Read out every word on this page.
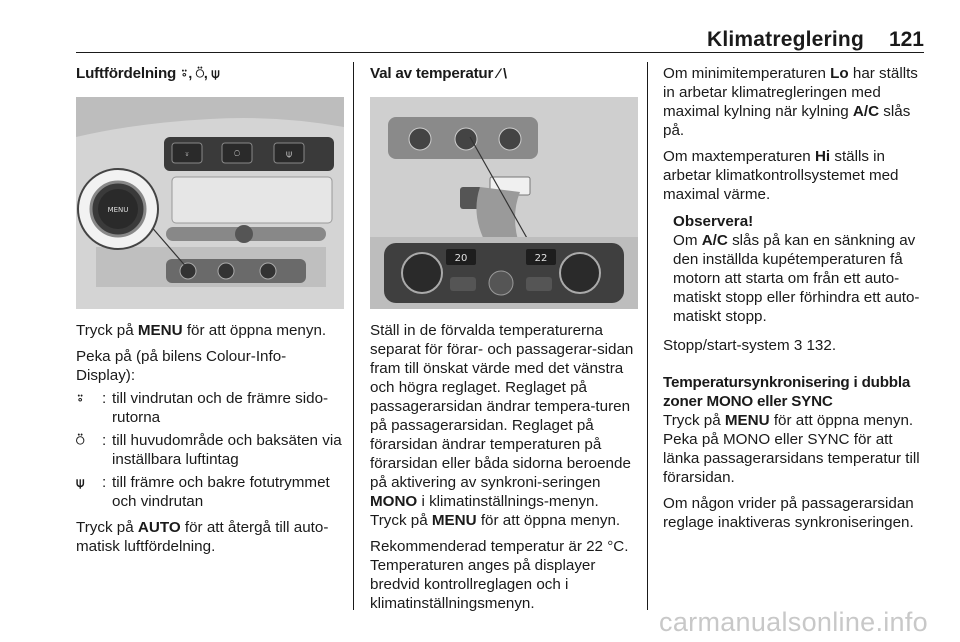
Klimatreglering 121
Luftfördelning ⍤, ⍥, ⍦
⍤	⍥	⍦
MENU
Tryck på MENU för att öppna menyn.
Peka på (på bilens Colour-Info-Display):
⍤	: till vindrutan och de främre sido-rutorna
⍥	: till huvudområde och baksäten via inställbara luftintag
⍦	: till främre och bakre fotutrymmet och vindrutan
Tryck på AUTO för att återgå till auto-matisk luftfördelning.
Val av temperatur ⁄ \
20	22
Ställ in de förvalda temperaturerna separat för förar- och passagerar-sidan fram till önskat värde med det vänstra och högra reglaget. Reglaget på passagerarsidan ändrar tempera-turen på passagerarsidan. Reglaget på förarsidan ändrar temperaturen på förarsidan eller båda sidorna beroende på aktivering av synkroni-seringen MONO i klimatinställnings-menyn. Tryck på MENU för att öppna menyn.
Rekommenderad temperatur är 22 °C. Temperaturen anges på displayer bredvid kontrollreglagen och i klimatinställningsmenyn.
Om minimitemperaturen Lo har ställts in arbetar klimatregleringen med maximal kylning när kylning A/C slås på.
Om maxtemperaturen Hi ställs in arbetar klimatkontrollsystemet med maximal värme.
Observera!
Om A/C slås på kan en sänkning av den inställda kupétemperaturen få motorn att starta om från ett auto-matiskt stopp eller förhindra ett auto-matiskt stopp.
Stopp/start-system 3 132.
Temperatursynkronisering i dubbla zoner MONO eller SYNC
Tryck på MENU för att öppna menyn. Peka på MONO eller SYNC för att länka passagerarsidans temperatur till förarsidan.
Om någon vrider på passagerarsidan reglage inaktiveras synkroniseringen.
carmanualsonline.info
